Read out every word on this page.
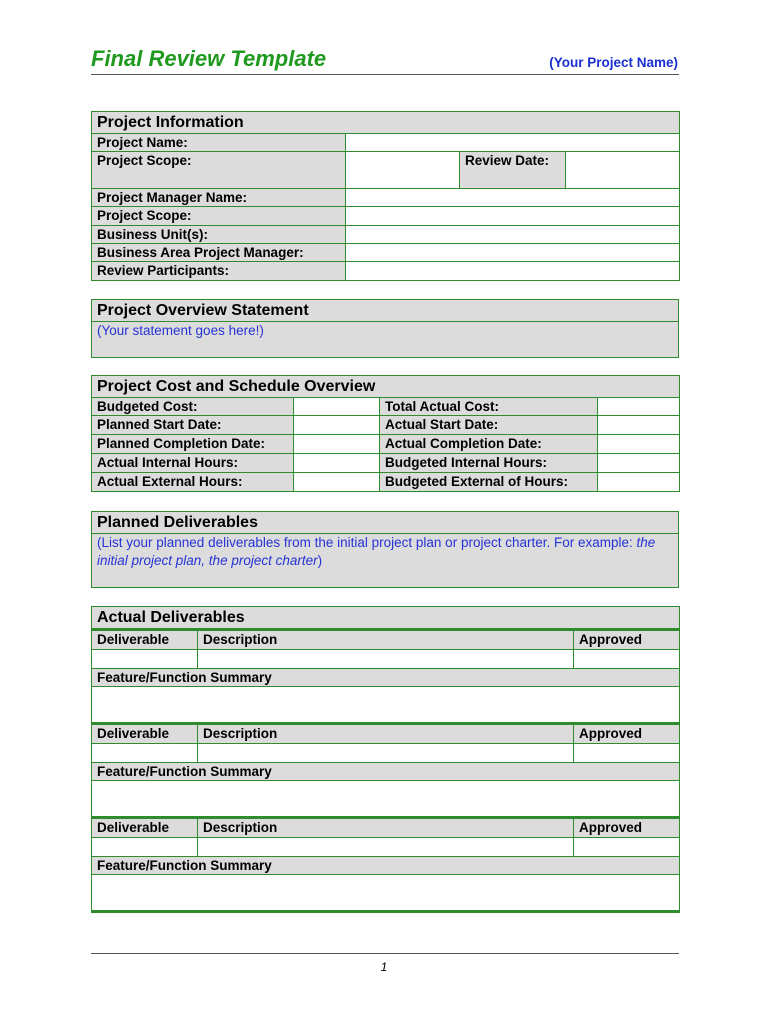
Final Review Template	(Your Project Name)
Project Information			
Project Name:			
Project Scope:		Review Date:	
Project Manager Name:			
Project Scope:			
Business Unit(s):			
Business Area Project Manager:			
Review Participants:			
Project Overview Statement
(Your statement goes here!)
Project Cost and Schedule Overview			
Budgeted Cost:		Total Actual Cost:	
Planned Start Date:		Actual Start Date:	
Planned Completion Date:		Actual Completion Date:	
Actual Internal Hours:		Budgeted Internal Hours:	
Actual External Hours:		Budgeted External of Hours:	
Planned Deliverables
(List your planned deliverables from the initial project plan or project charter. For example: the initial project plan, the project charter)
Actual Deliverables		
Deliverable	Description	Approved

Feature/Function Summary		

Deliverable	Description	Approved

Feature/Function Summary		

Deliverable	Description	Approved

Feature/Function Summary		

1
